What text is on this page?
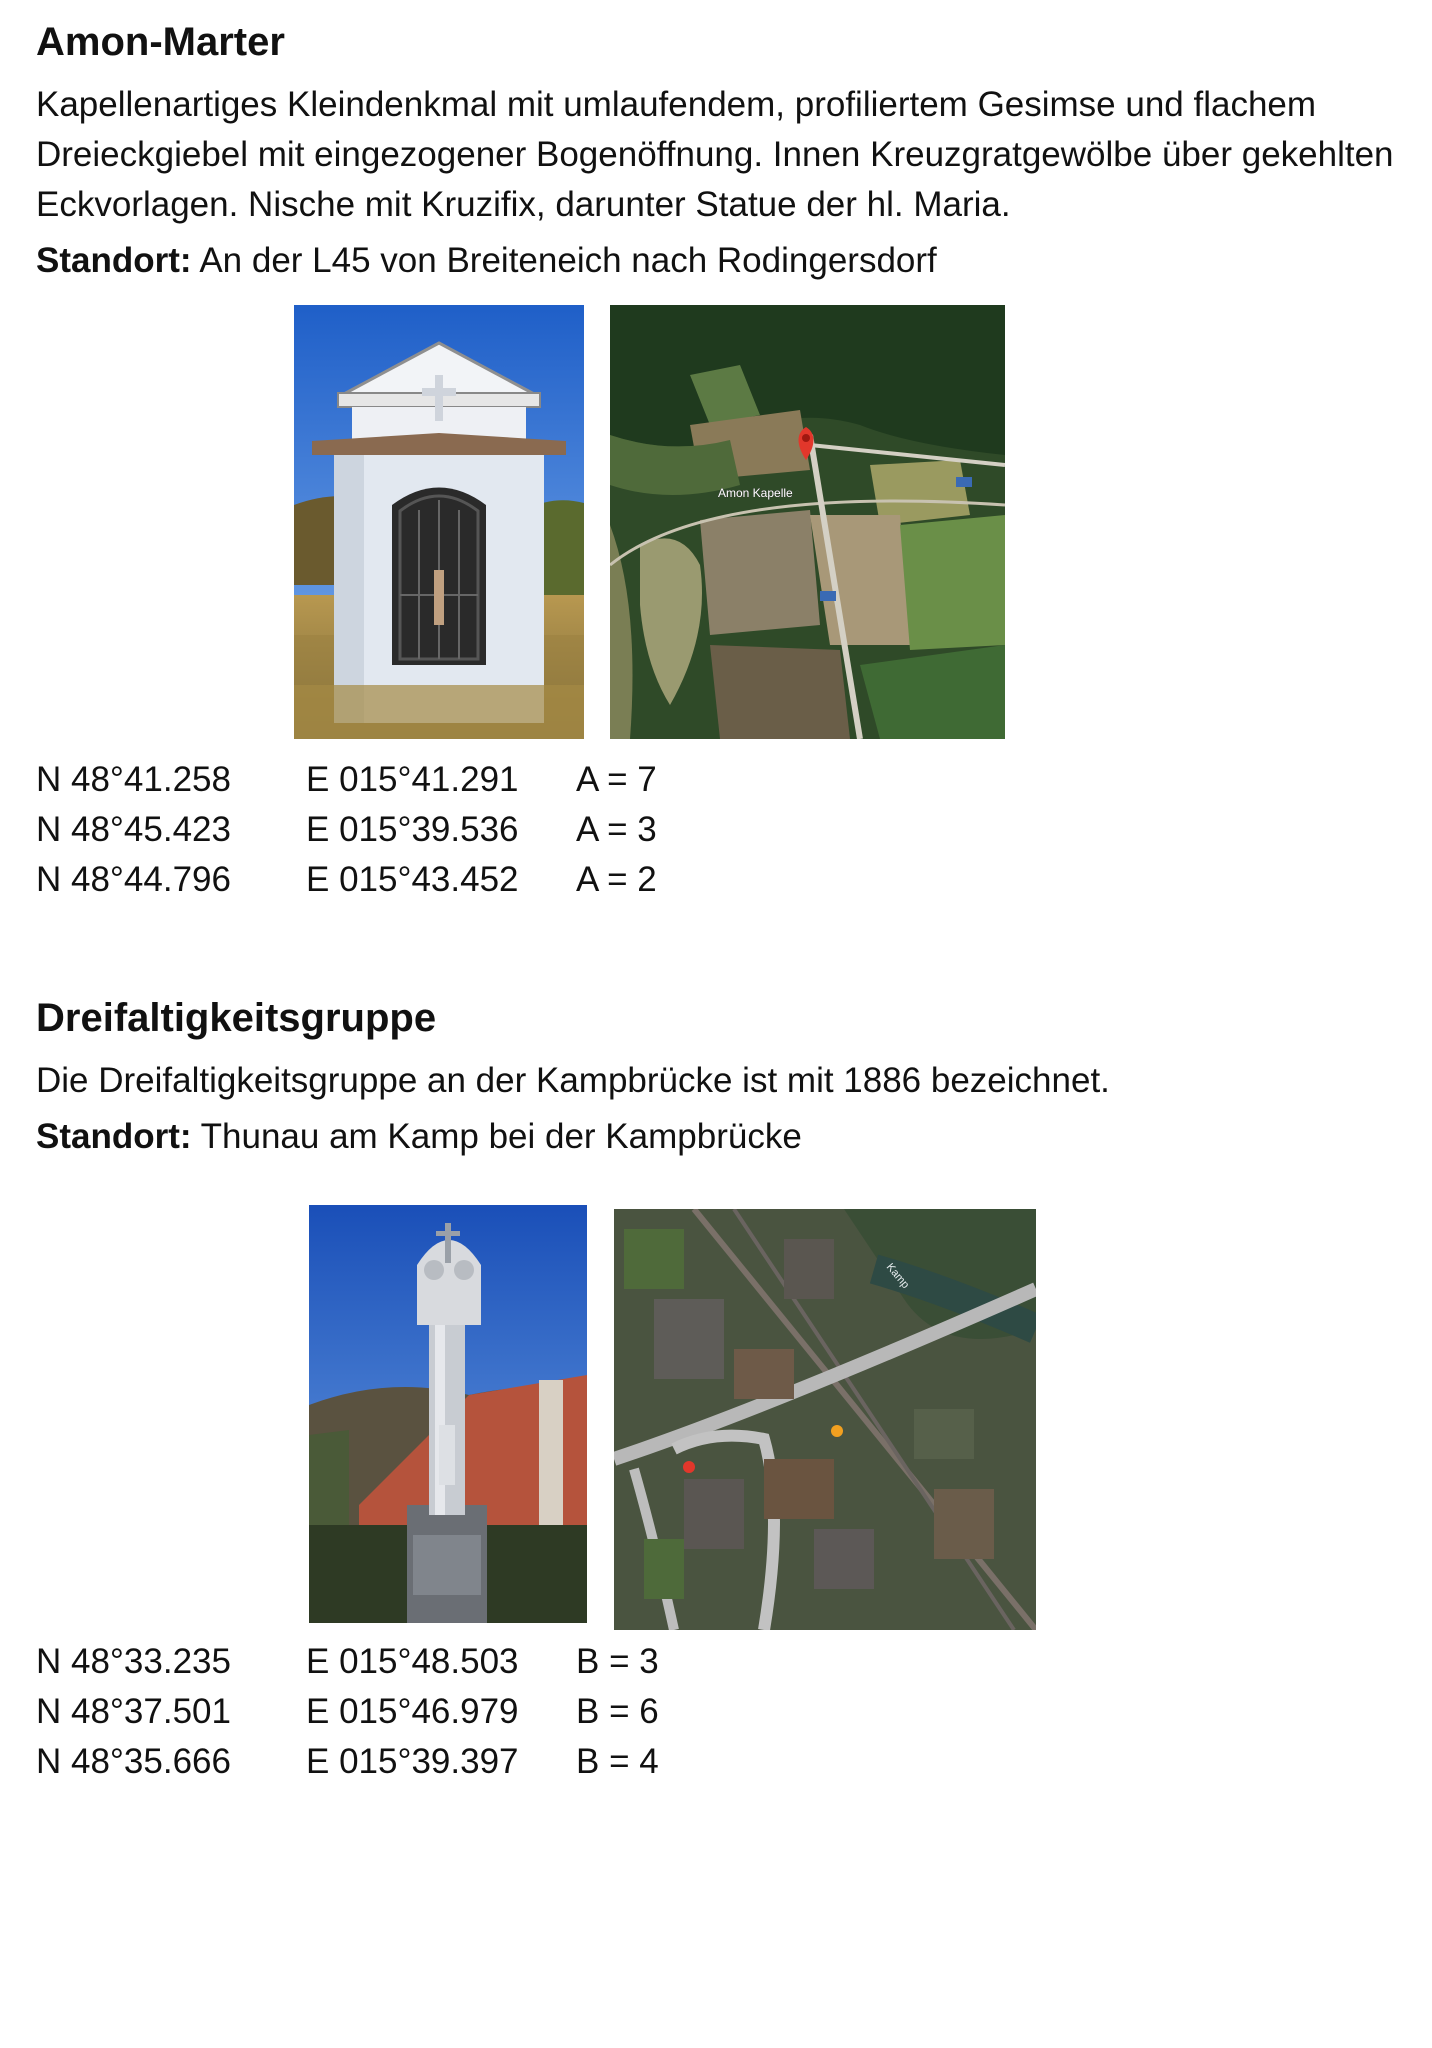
Amon-Marter

Kapellenartiges Kleindenkmal mit umlaufendem, profiliertem Gesimse und flachem Dreieckgiebel mit eingezogener Bogenöffnung. Innen Kreuzgratgewölbe über gekehlten Eckvorlagen. Nische mit Kruzifix, darunter Statue der hl. Maria.

Standort: An der L45 von Breiteneich nach Rodingersdorf

Amon Kapelle
N 48°41.258	E 015°41.291	A = 7
N 48°45.423	E 015°39.536	A = 3
N 48°44.796	E 015°43.452	A = 2
Dreifaltigkeitsgruppe

Die Dreifaltigkeitsgruppe an der Kampbrücke ist mit 1886 bezeichnet.

Standort: Thunau am Kamp bei der Kampbrücke

Kamp
N 48°33.235	E 015°48.503	B = 3
N 48°37.501	E 015°46.979	B = 6
N 48°35.666	E 015°39.397	B = 4
